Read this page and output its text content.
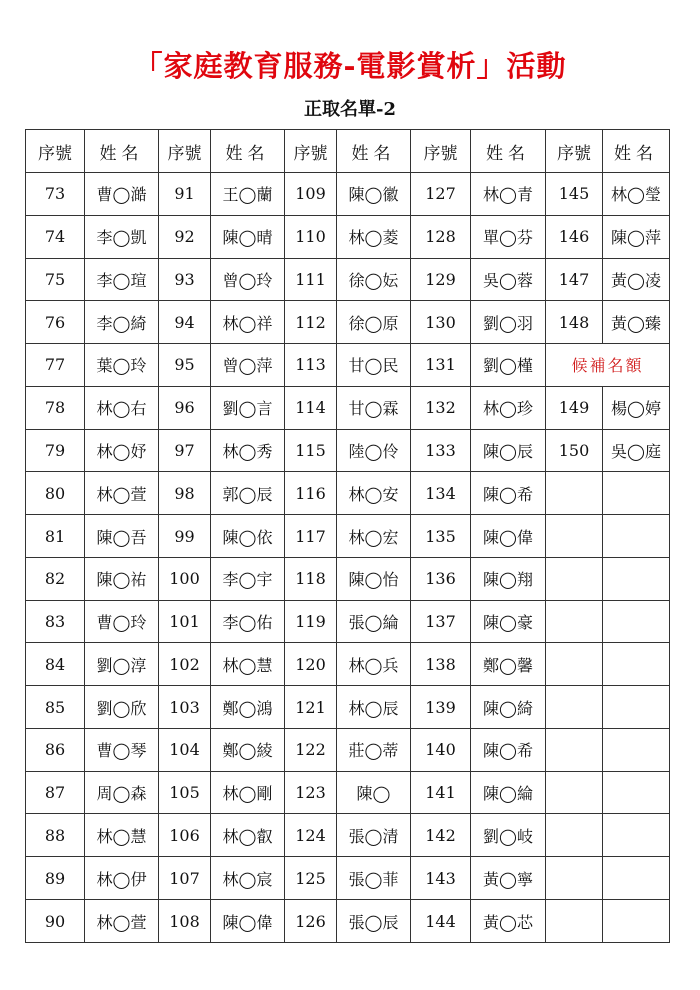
「家庭教育服務-電影賞析」活動
正取名單-2
序號	姓名	序號	姓名	序號	姓名	序號	姓名	序號	姓名
73	曹◯澔	91	王◯蘭	109	陳◯徽	127	林◯青	145	林◯瑩
74	李◯凱	92	陳◯晴	110	林◯菱	128	單◯芬	146	陳◯萍
75	李◯瑄	93	曾◯玲	111	徐◯妘	129	吳◯蓉	147	黃◯凌
76	李◯綺	94	林◯祥	112	徐◯原	130	劉◯羽	148	黃◯臻
77	葉◯玲	95	曾◯萍	113	甘◯民	131	劉◯槿	候補名額	
78	林◯右	96	劉◯言	114	甘◯霖	132	林◯珍	149	楊◯婷
79	林◯妤	97	林◯秀	115	陸◯伶	133	陳◯辰	150	吳◯庭
80	林◯萱	98	郭◯辰	116	林◯安	134	陳◯希		
81	陳◯吾	99	陳◯依	117	林◯宏	135	陳◯偉		
82	陳◯祐	100	李◯宇	118	陳◯怡	136	陳◯翔		
83	曹◯玲	101	李◯佑	119	張◯綸	137	陳◯豪		
84	劉◯淳	102	林◯慧	120	林◯兵	138	鄭◯馨		
85	劉◯欣	103	鄭◯鴻	121	林◯辰	139	陳◯綺		
86	曹◯琴	104	鄭◯綾	122	莊◯蒂	140	陳◯希		
87	周◯森	105	林◯剛	123	陳◯	141	陳◯綸		
88	林◯慧	106	林◯叡	124	張◯清	142	劉◯岐		
89	林◯伊	107	林◯宸	125	張◯菲	143	黃◯寧		
90	林◯萱	108	陳◯偉	126	張◯辰	144	黃◯芯		
